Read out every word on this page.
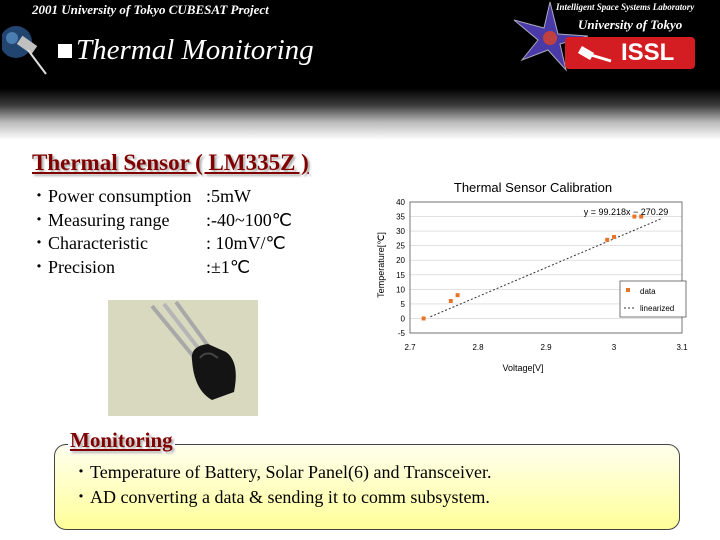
2001 University of Tokyo CUBESAT Project
Thermal Monitoring
Intelligent Space Systems Laboratory
University of Tokyo
ISSL
Thermal Sensor ( LM335Z )
・Power consumption :5mW
・Measuring range	:-40~100℃
・Characteristic	: 10mV/℃
・Precision	:±1℃
Thermal Sensor Calibration
-5
0
5
10
15
20
25
30
35
40
2.7	2.8	2.9	3	3.1
y = 99.218x − 270.29
data
linearized
Voltage[V]
Temperature[℃]
Monitoring
・Temperature of Battery, Solar Panel(6) and Transceiver.
・AD converting a data & sending it to comm subsystem.
